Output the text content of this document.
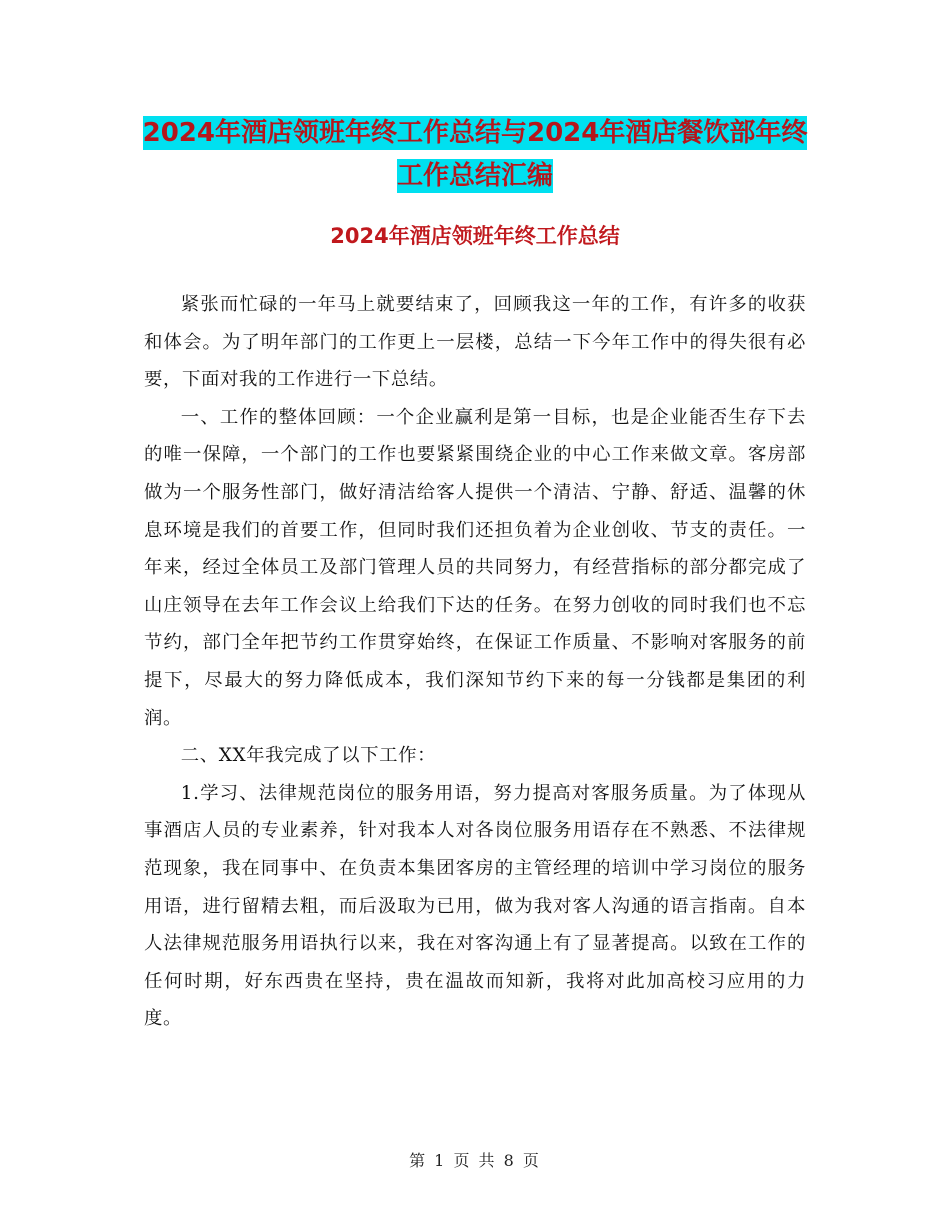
2024年酒店领班年终工作总结与2024年酒店餐饮部年终工作总结汇编
2024年酒店领班年终工作总结

紧张而忙碌的一年马上就要结束了，回顾我这一年的工作，有许多的收获和体会。为了明年部门的工作更上一层楼，总结一下今年工作中的得失很有必要，下面对我的工作进行一下总结。

一、工作的整体回顾：一个企业赢利是第一目标，也是企业能否生存下去的唯一保障，一个部门的工作也要紧紧围绕企业的中心工作来做文章。客房部做为一个服务性部门，做好清洁给客人提供一个清洁、宁静、舒适、温馨的休息环境是我们的首要工作，但同时我们还担负着为企业创收、节支的责任。一年来，经过全体员工及部门管理人员的共同努力，有经营指标的部分都完成了山庄领导在去年工作会议上给我们下达的任务。在努力创收的同时我们也不忘节约，部门全年把节约工作贯穿始终，在保证工作质量、不影响对客服务的前提下，尽最大的努力降低成本，我们深知节约下来的每一分钱都是集团的利润。

二、XX年我完成了以下工作：

1.学习、法律规范岗位的服务用语，努力提高对客服务质量。为了体现从事酒店人员的专业素养，针对我本人对各岗位服务用语存在不熟悉、不法律规范现象，我在同事中、在负责本集团客房的主管经理的培训中学习岗位的服务用语，进行留精去粗，而后汲取为已用，做为我对客人沟通的语言指南。自本人法律规范服务用语执行以来，我在对客沟通上有了显著提高。以致在工作的任何时期，好东西贵在坚持，贵在温故而知新，我将对此加高校习应用的力度。

第 1 页 共 8 页
